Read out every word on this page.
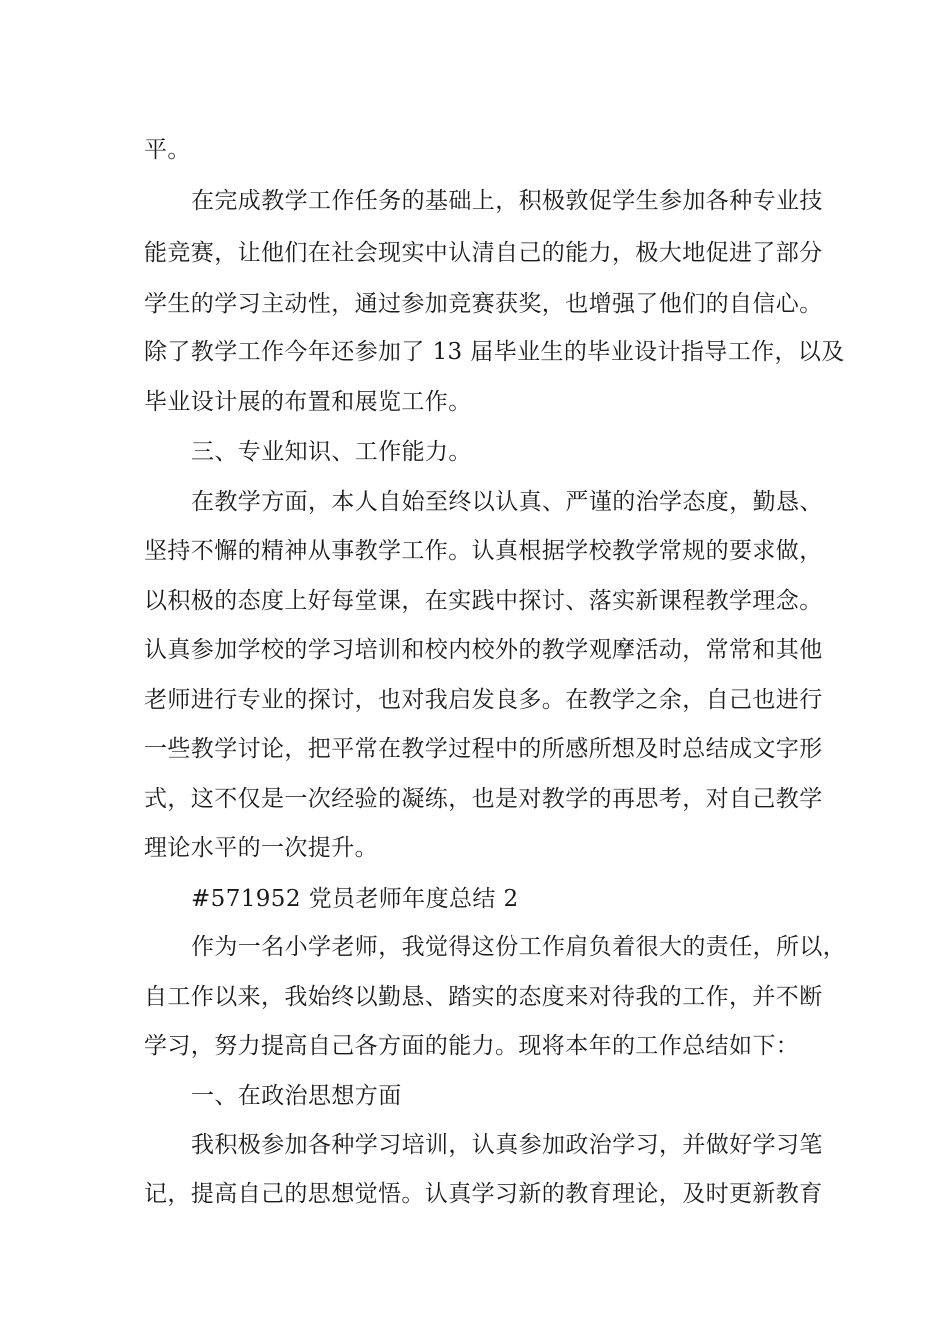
平。
在完成教学工作任务的基础上，积极敦促学生参加各种专业技
能竞赛，让他们在社会现实中认清自己的能力，极大地促进了部分
学生的学习主动性，通过参加竞赛获奖，也增强了他们的自信心。
除了教学工作今年还参加了 13 届毕业生的毕业设计指导工作，以及
毕业设计展的布置和展览工作。
三、专业知识、工作能力。
在教学方面，本人自始至终以认真、严谨的治学态度，勤恳、
坚持不懈的精神从事教学工作。认真根据学校教学常规的要求做，
以积极的态度上好每堂课，在实践中探讨、落实新课程教学理念。
认真参加学校的学习培训和校内校外的教学观摩活动，常常和其他
老师进行专业的探讨，也对我启发良多。在教学之余，自己也进行
一些教学讨论，把平常在教学过程中的所感所想及时总结成文字形
式，这不仅是一次经验的凝练，也是对教学的再思考，对自己教学
理论水平的一次提升。
#571952 党员老师年度总结 2
作为一名小学老师，我觉得这份工作肩负着很大的责任，所以，
自工作以来，我始终以勤恳、踏实的态度来对待我的工作，并不断
学习，努力提高自己各方面的能力。现将本年的工作总结如下：
一、在政治思想方面
我积极参加各种学习培训，认真参加政治学习，并做好学习笔
记，提高自己的思想觉悟。认真学习新的教育理论，及时更新教育
